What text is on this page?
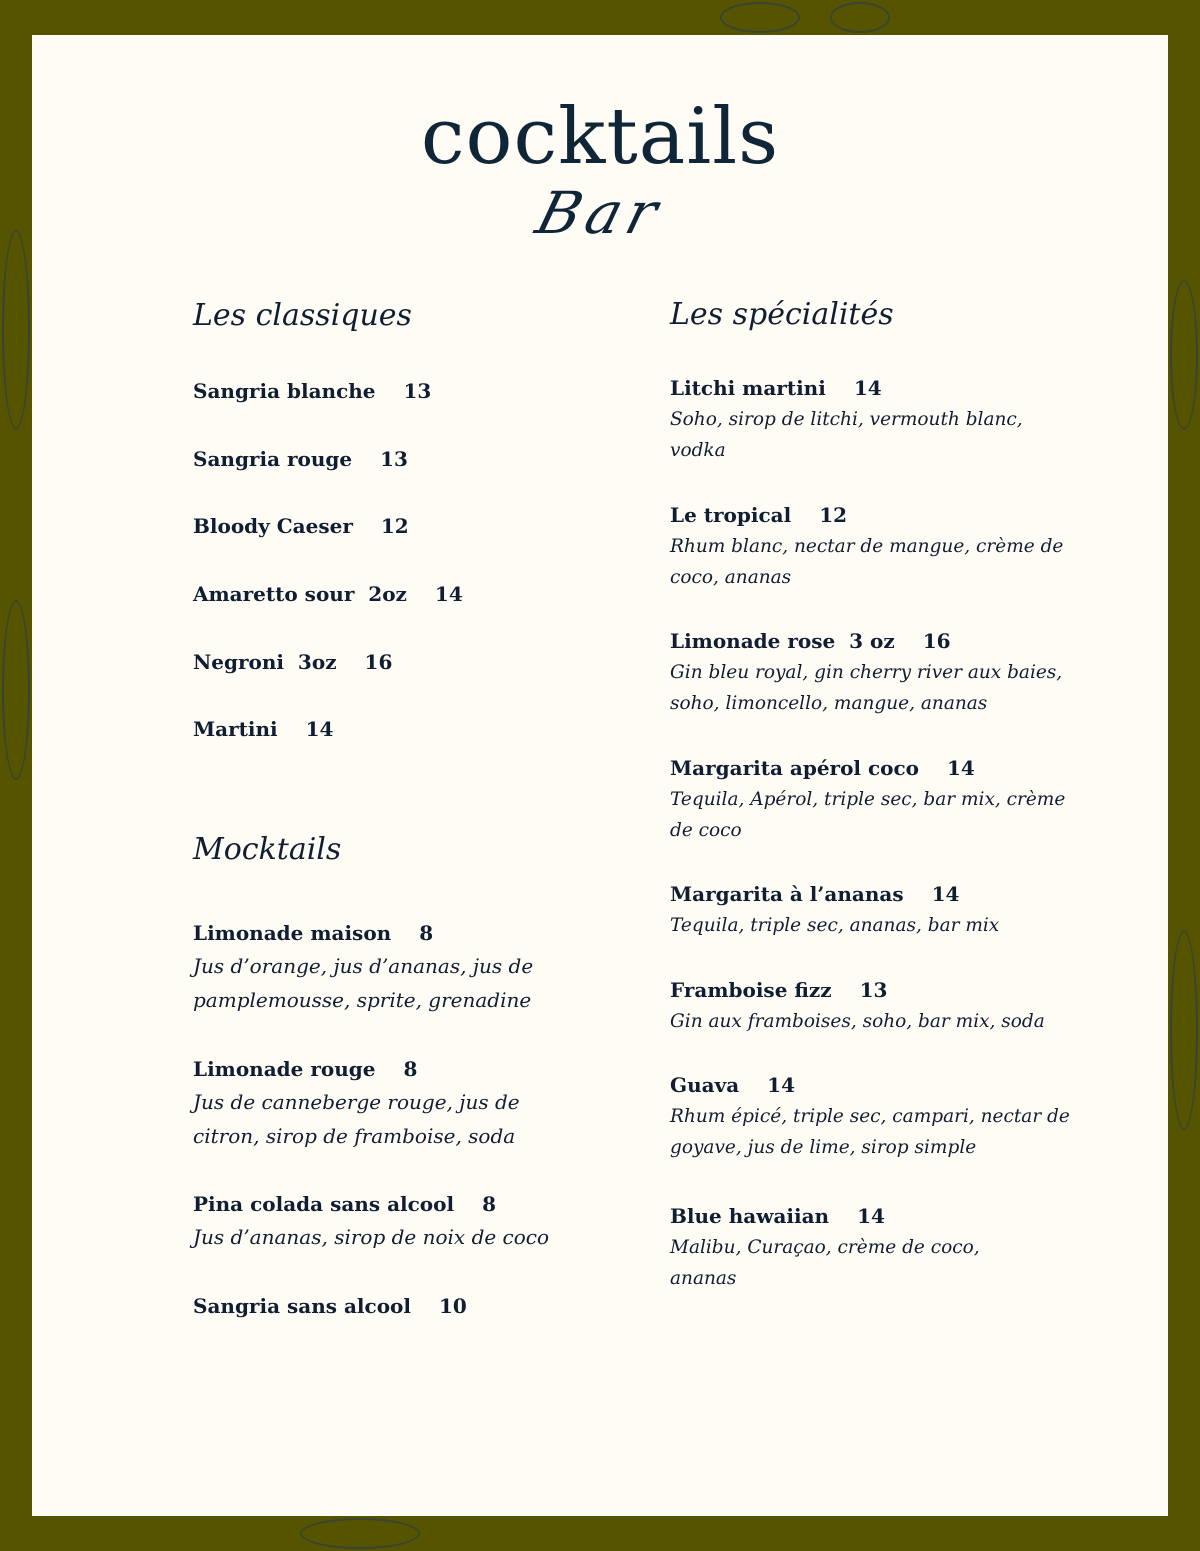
cocktails
Bar
Les classiques
Mocktails
Les spécialités
Sangria blanche 13
Sangria rouge 13
Bloody Caeser 12
Amaretto sour  2oz 14
Negroni  3oz 16
Martini 14
Limonade maison 8
Jus d’orange, jus d’ananas, jus de
pamplemousse, sprite, grenadine
Limonade rouge 8
Jus de canneberge rouge, jus de
citron, sirop de framboise, soda
Pina colada sans alcool 8
Jus d’ananas, sirop de noix de coco
Sangria sans alcool 10
Litchi martini 14
Soho, sirop de litchi, vermouth blanc,
vodka
Le tropical 12
Rhum blanc, nectar de mangue, crème de
coco, ananas
Limonade rose  3 oz 16
Gin bleu royal, gin cherry river aux baies,
soho, limoncello, mangue, ananas
Margarita apérol coco 14
Tequila, Apérol, triple sec, bar mix, crème
de coco
Margarita à l’ananas 14
Tequila, triple sec, ananas, bar mix
Framboise fizz 13
Gin aux framboises, soho, bar mix, soda
Guava 14
Rhum épicé, triple sec, campari, nectar de
goyave, jus de lime, sirop simple
Blue hawaiian 14
Malibu, Curaçao, crème de coco,
ananas
